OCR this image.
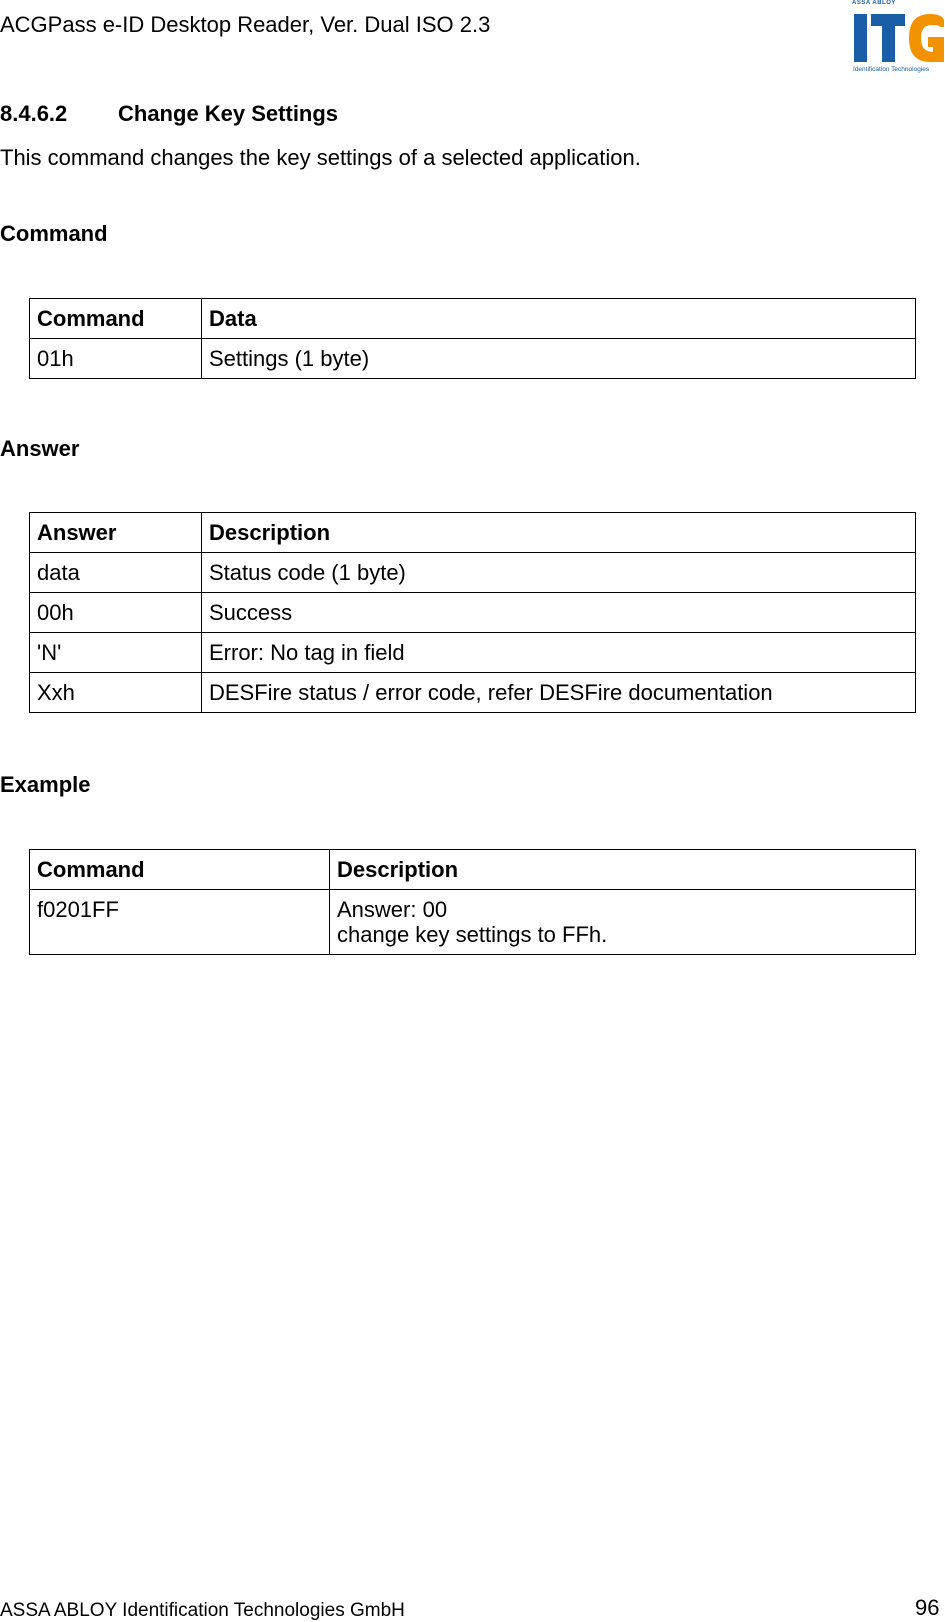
ACGPass e-ID Desktop Reader, Ver. Dual ISO 2.3
ASSA ABLOY
Identification Technologies
8.4.6.2 Change Key Settings
This command changes the key settings of a selected application.
Command
Command	Data
01h	Settings (1 byte)
Answer
Answer	Description
data	Status code (1 byte)
00h	Success
'N'	Error: No tag in field
Xxh	DESFire status / error code, refer DESFire documentation
Example
Command	Description
f0201FF	Answer: 00
change key settings to FFh.
ASSA ABLOY Identification Technologies GmbH	96
